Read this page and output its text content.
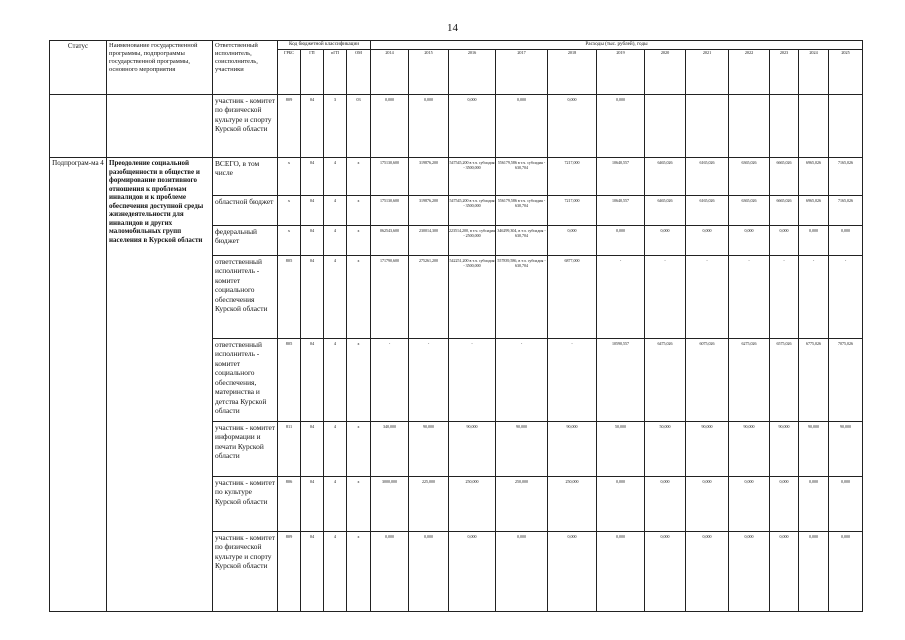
14
Статус	Наименование государственной программы, подпрограммы государственной программы, основного мероприятия	Ответственный исполнитель, соисполнитель, участники	Код бюджетной классификации				Расходы (тыс. рублей), годы											
			ГРБС	ГП	пГП	ОМ	2014	2015	2016	2017	2018	2019	2020	2021	2022	2023	2024	2025
		участник - комитет по физической культуре и спорту Курской области	809	04	3	03	0,000	0,000	0,000	0,000	0,000	0,000						
Подпрограм-ма 4	Преодоление социальной разобщенности в обществе и формирование позитивного отношения к проблемам инвалидов и к проблеме обеспечения доступной среды жизнедеятельности для инвалидов и других маломобильных групп населения в Курской области	ВСЕГО, в том числе	x	04	4	x	175130,600	319876,200	547545,200 в т.ч. субсидия - 3500,000	556179,586 в т.ч. субсидия - 630,704	7217,000	10640,557	6465,026	6165,026	6365,026	6665,026	6965,026	7165,026
		областной бюджет	x	04	4	x	175130,600	319876,200	547545,200 в т.ч. субсидия - 3500,000	556179,586 в т.ч. субсидия - 630,704	7217,000	10640,557	6465,026	6165,026	6365,026	6665,026	6965,026	7165,026
		федеральный бюджет	x	04	4	x	062543,600	230014,300	223514,200, в т.ч. субсидия - 2500,000	346299,304, в т.ч. субсидия - 630,704	0,000	0,000	0,000	0,000	0,000	0,000	0,000	0,000
		ответственный исполнитель - комитет социального обеспечения Курской области	805	04	4	x	171790,600	275261,200	542251,200 в т.ч. субсидия - 3500,000	557839,586, в т.ч. субсидия - 630,704	6877,000	-	-	-	-	-	-	-
		ответственный исполнитель - комитет социального обеспечения, материнства и детства Курской области	805	04	4	x	-	-	-	-	-	10590,557	6475,026	6075,026	6275,026	6575,026	6775,026	7075,026
		участник - комитет информации и печати Курской области	811	04	4	x	340,000	90,000	90,000	90,000	90,000	50,000	50,000	90,000	90,000	90,000	90,000	90,000
		участник - комитет по культуре Курской области	806	04	4	x	3000,000	225,000	250,000	250,000	250,000	0,000	0,000	0,000	0,000	0,000	0,000	0,000
		участник - комитет по физической культуре и спорту Курской области	809	04	4	x	0,000	0,000	0,000	0,000	0,000	0,000	0,000	0,000	0,000	0,000	0,000	0,000
